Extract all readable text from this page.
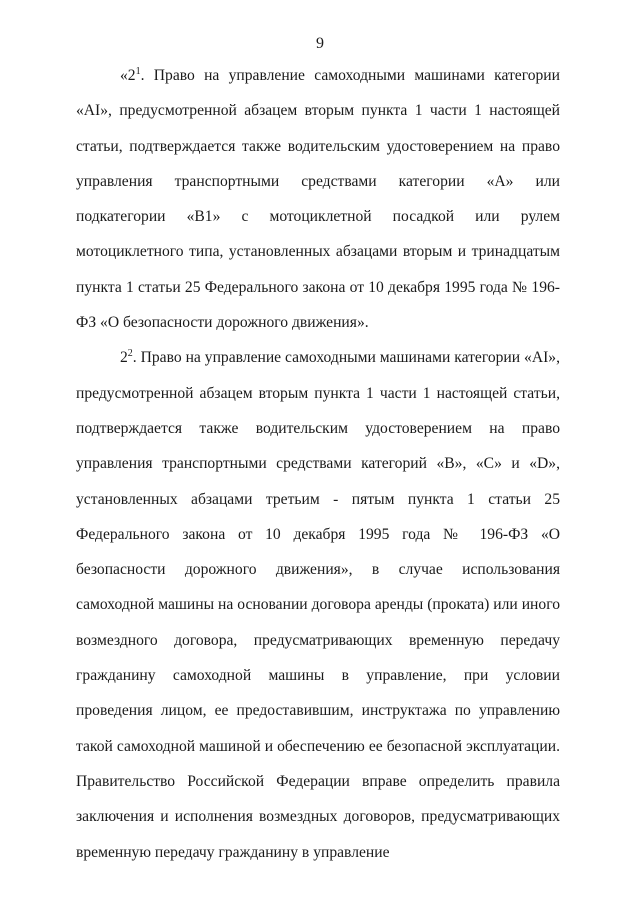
9

«$2^1$. Право на управление самоходными машинами категории «AI», предусмотренной абзацем вторым пункта 1 части 1 настоящей статьи, подтверждается также водительским удостоверением на право управления транспортными средствами категории «А» или подкатегории «В1» с мотоциклетной посадкой или рулем мотоциклетного типа, установленных абзацами вторым и тринадцатым пункта 1 статьи 25 Федерального закона от 10 декабря 1995 года № 196-ФЗ «О безопасности дорожного движения».

$2^2$. Право на управление самоходными машинами категории «AI», предусмотренной абзацем вторым пункта 1 части 1 настоящей статьи, подтверждается также водительским удостоверением на право управления транспортными средствами категорий «В», «С» и «D», установленных абзацами третьим - пятым пункта 1 статьи 25 Федерального закона от 10 декабря 1995 года № 196-ФЗ «О безопасности дорожного движения», в случае использования самоходной машины на основании договора аренды (проката) или иного возмездного договора, предусматривающих временную передачу гражданину самоходной машины в управление, при условии проведения лицом, ее предоставившим, инструктажа по управлению такой самоходной машиной и обеспечению ее безопасной эксплуатации. Правительство Российской Федерации вправе определить правила заключения и исполнения возмездных договоров, предусматривающих временную передачу гражданину в управление
